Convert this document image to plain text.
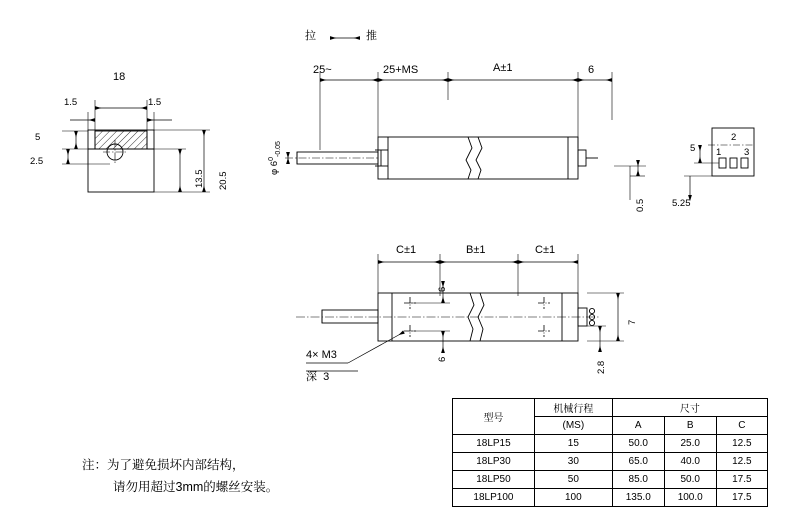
拉	推
18
1.5	1.5
5
2.5
13.5 20.5
25~	25+MS	A±1	6
φ $6^0_{-0.05}$
0.5
2
1 3
5
5.25
C±1	B±1	C±1
6
6
7
2.8
4× M3
深 3
注：为了避免损坏内部结构，
请勿用超过3mm的螺丝安装。
型号	机械行程	尺寸		
	(MS)	A	B	C
18LP15	15	50.0	25.0	12.5
18LP30	30	65.0	40.0	12.5
18LP50	50	85.0	50.0	17.5
18LP100	100	135.0	100.0	17.5
